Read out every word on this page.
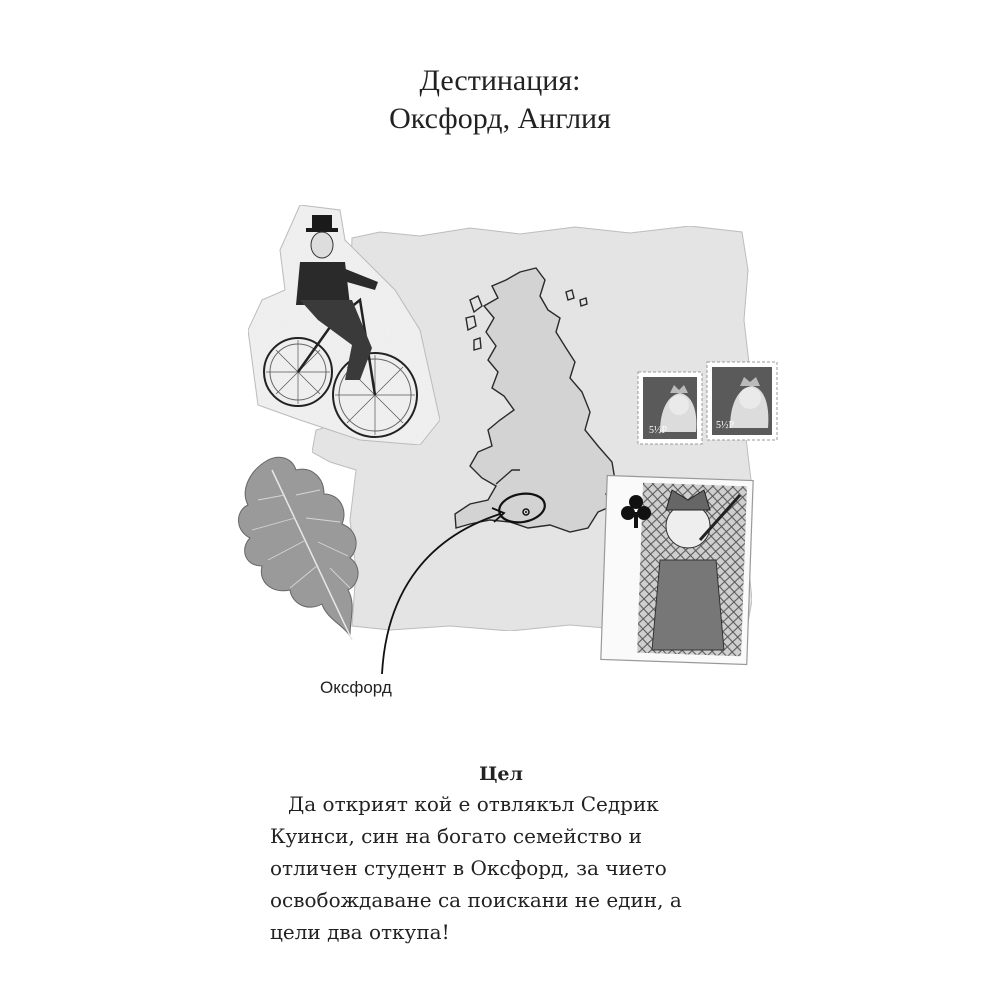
Дестинация:
Оксфорд, Англия
5½P	5½P
Оксфорд
Цел
Да открият кой е отвлякъл Седрик Куинси, син на богато семейство и отличен студент в Оксфорд, за чието освобождаване са поискани не един, а цели два откупа!
